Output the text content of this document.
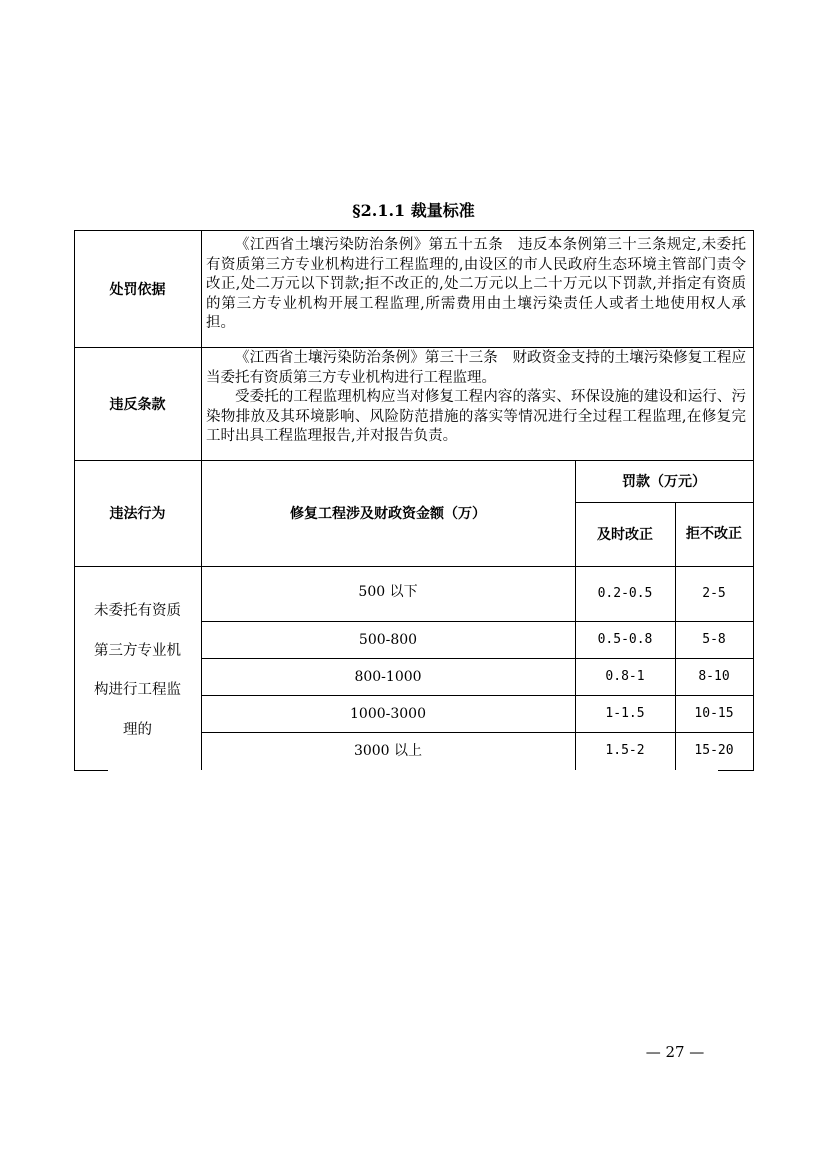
§2.1.1 裁量标准
处罚依据
《江西省土壤污染防治条例》第五十五条　违反本条例第三十三条规定,未委托有资质第三方专业机构进行工程监理的,由设区的市人民政府生态环境主管部门责令改正,处二万元以下罚款;拒不改正的,处二万元以上二十万元以下罚款,并指定有资质的第三方专业机构开展工程监理,所需费用由土壤污染责任人或者土地使用权人承担。
违反条款
《江西省土壤污染防治条例》第三十三条　财政资金支持的土壤污染修复工程应当委托有资质第三方专业机构进行工程监理。
受委托的工程监理机构应当对修复工程内容的落实、环保设施的建设和运行、污染物排放及其环境影响、风险防范措施的落实等情况进行全过程工程监理,在修复完工时出具工程监理报告,并对报告负责。
违法行为	修复工程涉及财政资金额（万）
罚款（万元）
及时改正	拒不改正
未委托有资质
第三方专业机
构进行工程监
理的
500 以下	0.2-0.5	2-5
500-800	0.5-0.8	5-8
800-1000	0.8-1	8-10
1000-3000	1-1.5	10-15
3000 以上	1.5-2	15-20
— 27 —
